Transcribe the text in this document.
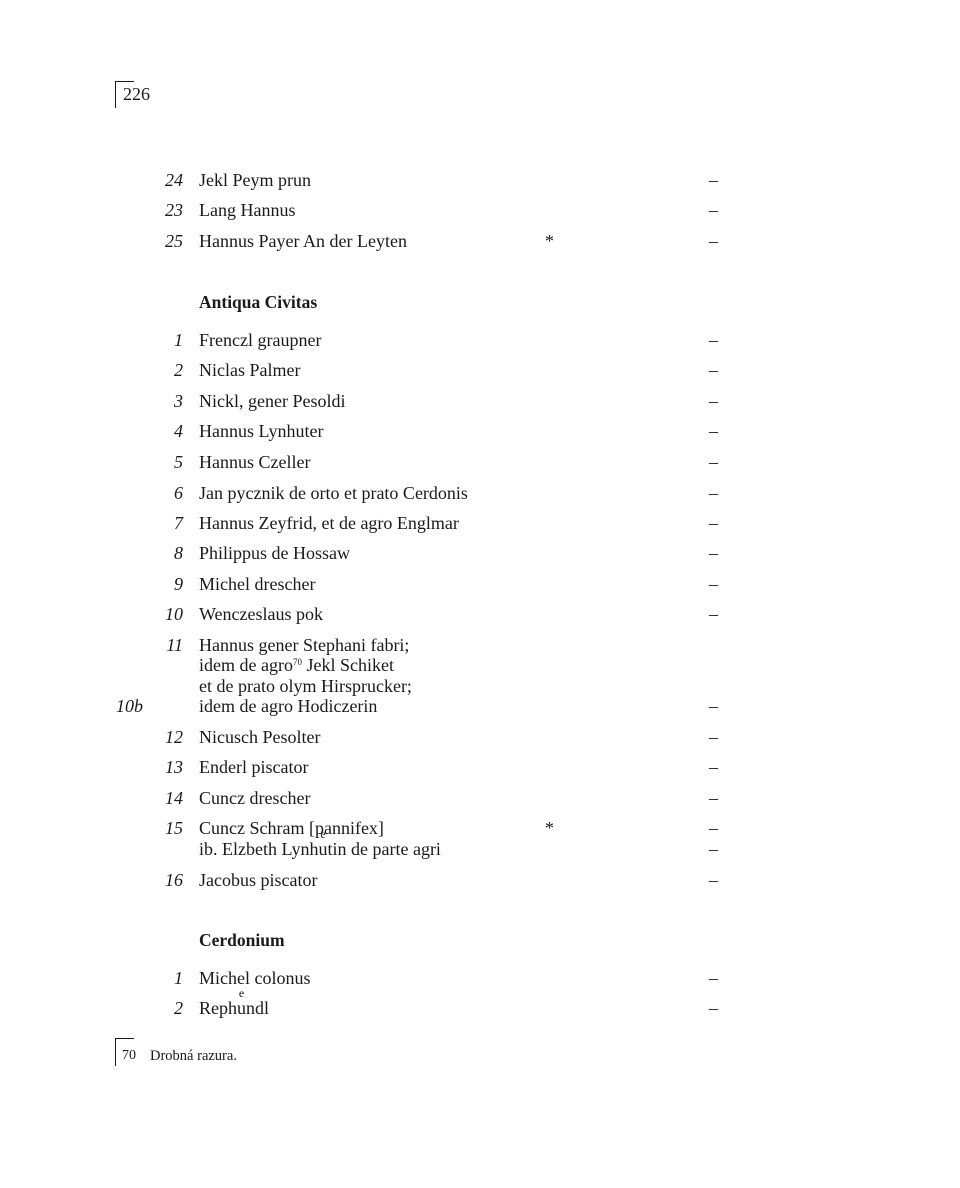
226
24 Jekl Peym prun	–
23 Lang Hannus	–
25 Hannus Payer An der Leyten	*	–
Antiqua Civitas
1 Frenczl graupner	–
2 Niclas Palmer	–
3 Nickl, gener Pesoldi	–
4 Hannus Lynhuter	–
5 Hannus Czeller	–
6 Jan pycznik de orto et prato Cerdonis	–
7 Hannus Zeyfrid, et de agro Englmar	–
8 Philippus de Hossaw	–
9 Michel drescher	–
10 Wenczeslaus pok	–
11 Hannus gener Stephani fabri;
idem de agro$^{70}$ Jekl Schiket
et de prato olym Hirsprucker;
10b	idem de agro Hodiczerin	–
12 Nicusch Pesolter	–
13 Enderl piscator	–
14 Cuncz drescher	–
15 Cuncz Schram [pannifex]	*	–
ib. Elzbeth Lynhe utin de parte agri	–
16 Jacobus piscator	–
Cerdonium
1 Michel colonus	–
2 Rephe undl	–
70 Drobná razura.
